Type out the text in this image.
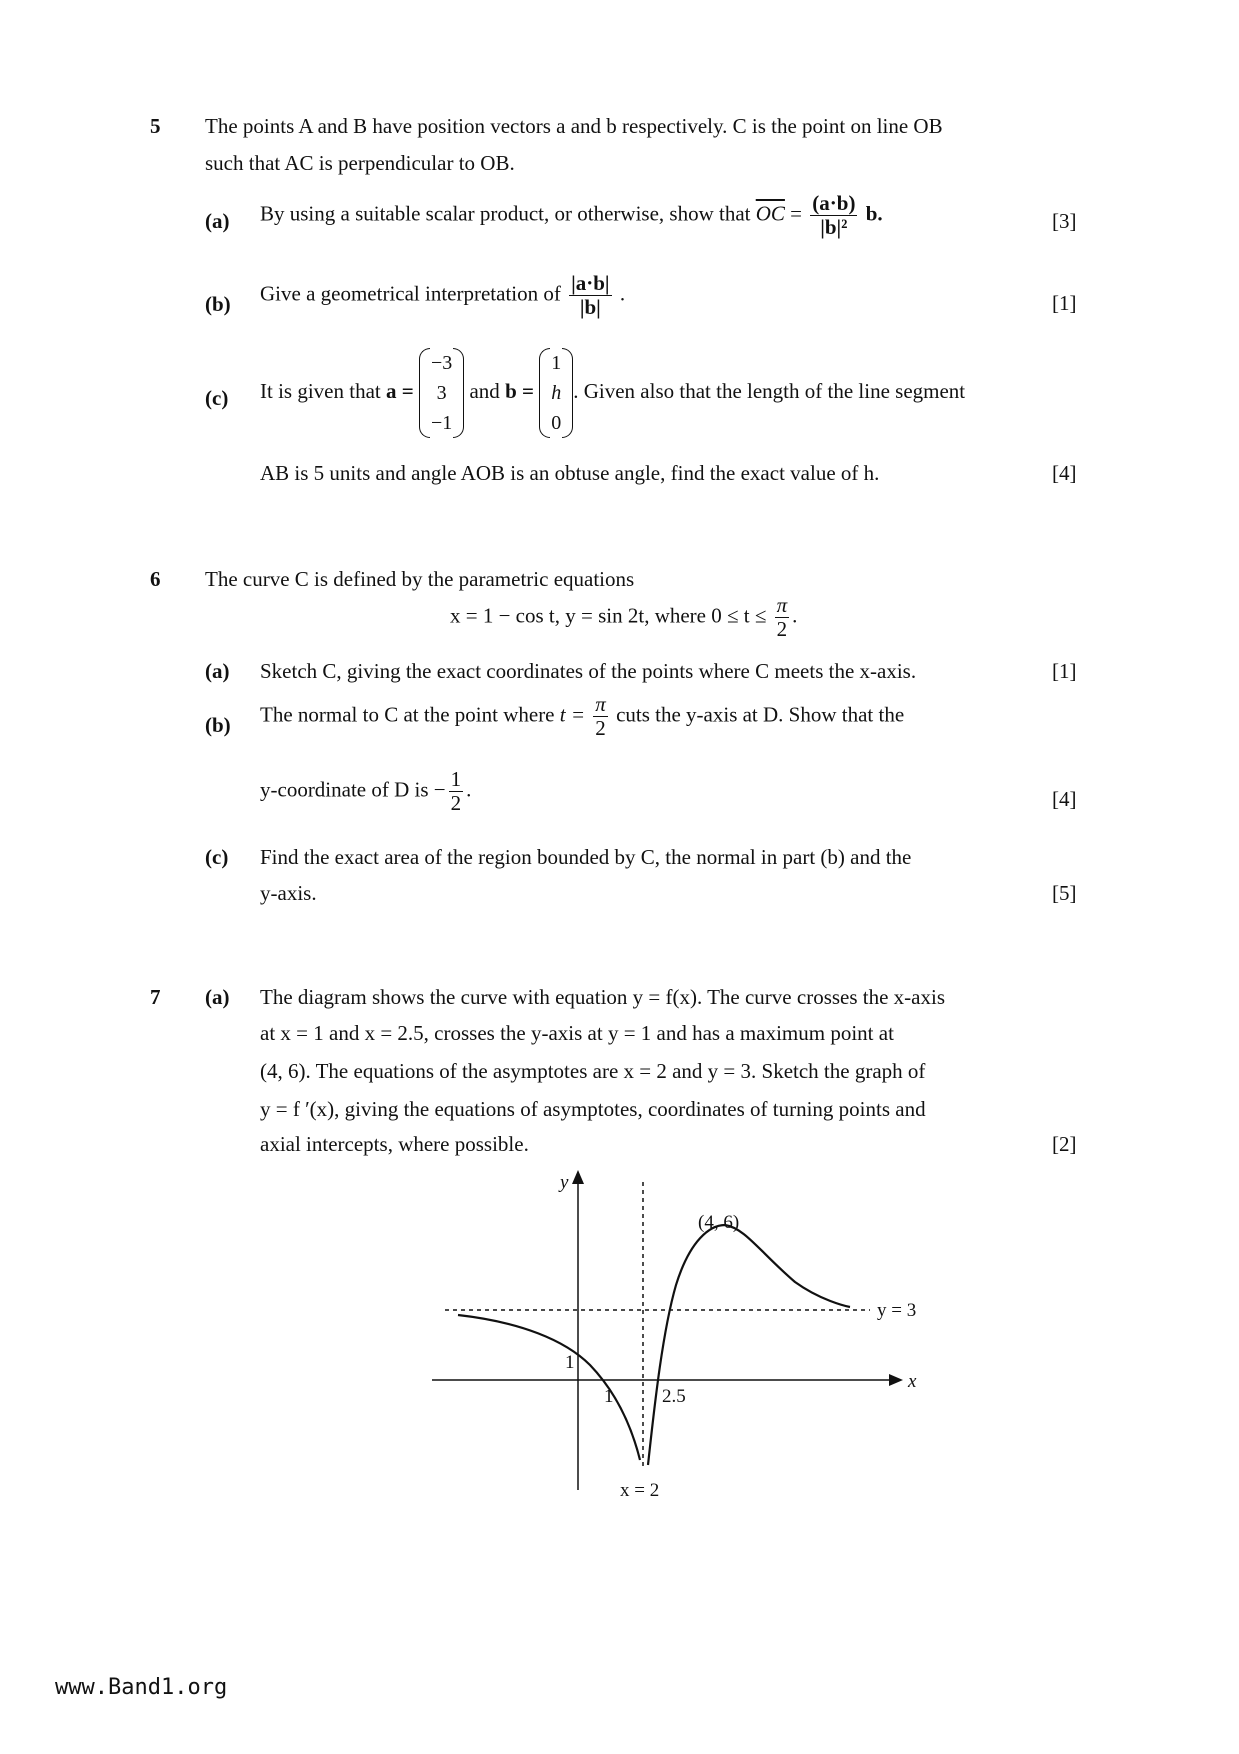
5 The points A and B have position vectors a and b respectively. C is the point on line OB
such that AC is perpendicular to OB.
(a) By using a suitable scalar product, or otherwise, show that $\overline{OC} = \frac{(a\cdot b)}{\text{|b|²}} b$.	[3]
(b) Give a geometrical interpretation of $\frac{|a\cdot b|}{|b|}$ .	[1]
(c) It is given that a =
−3
3
−1
and b =
1
h
0
. Given also that the length of the line segment
AB is 5 units and angle AOB is an obtuse angle, find the exact value of h.	[4]
6 The curve C is defined by the parametric equations
x = 1 − cos t, y = sin 2t, where $0 \le t \le \frac{\pi}{2}$ .
(a) Sketch C, giving the exact coordinates of the points where C meets the x-axis.	[1]
(b) The normal to C at the point where $t = \frac{\pi}{2}$ cuts the y-axis at D. Show that the
y-coordinate of D is − $\frac{1}{2}$ .	[4]
(c) Find the exact area of the region bounded by C, the normal in part (b) and the
y-axis.	[5]
7 (a) The diagram shows the curve with equation y = f(x). The curve crosses the x-axis
at x = 1 and x = 2.5, crosses the y-axis at y = 1 and has a maximum point at
(4, 6). The equations of the asymptotes are x = 2 and y = 3. Sketch the graph of
y = f ′(x), giving the equations of asymptotes, coordinates of turning points and
axial intercepts, where possible.	[2]
y
x
(4, 6)
y = 3
x = 2
1
1	2.5
www.Band1.org
